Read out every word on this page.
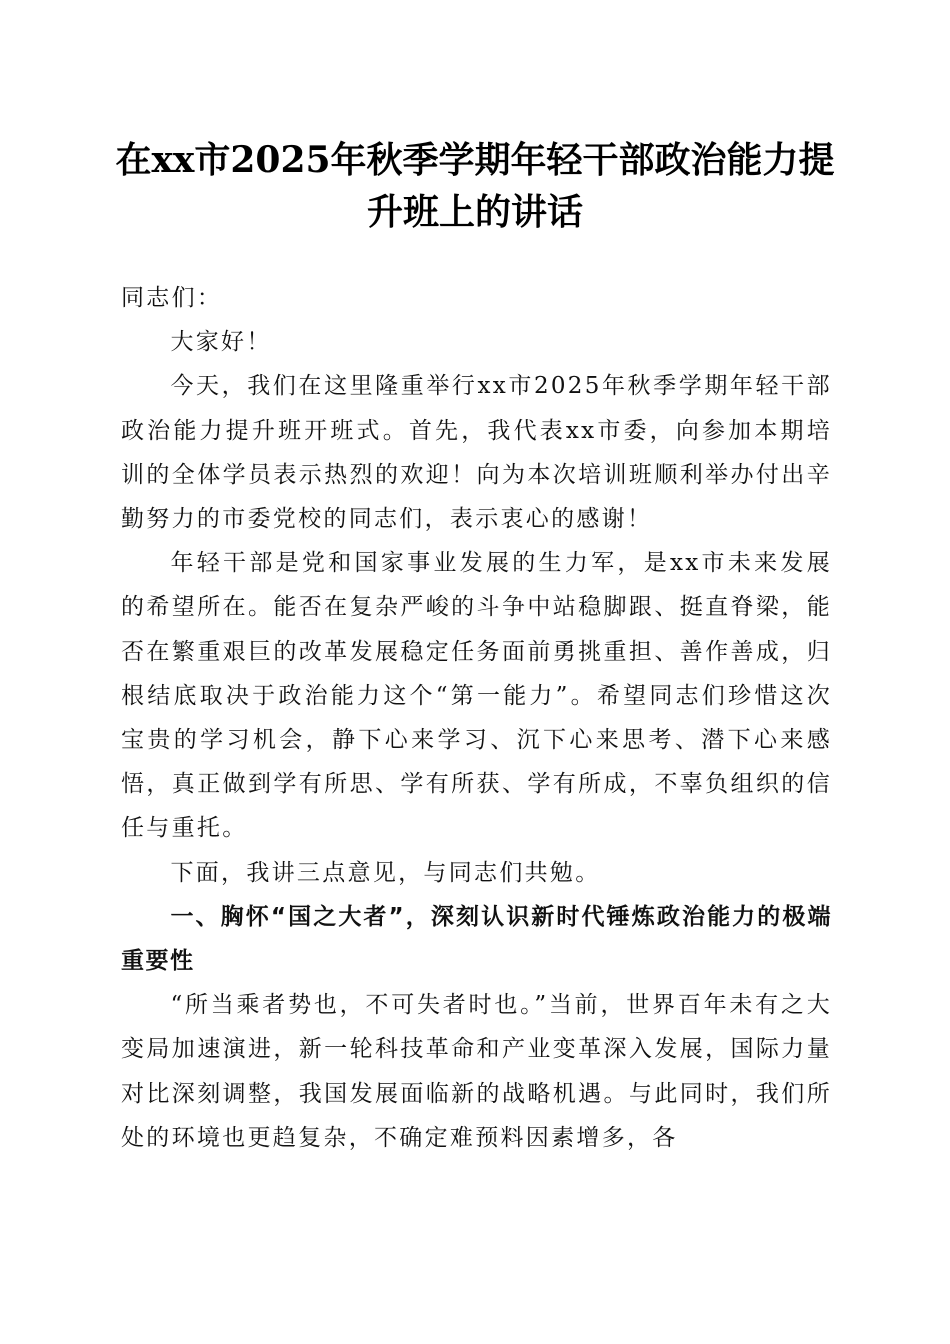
在xx市2025年秋季学期年轻干部政治能力提升班上的讲话

同志们：

大家好！

今天，我们在这里隆重举行xx市2025年秋季学期年轻干部政治能力提升班开班式。首先，我代表xx市委，向参加本期培训的全体学员表示热烈的欢迎！向为本次培训班顺利举办付出辛勤努力的市委党校的同志们，表示衷心的感谢！

年轻干部是党和国家事业发展的生力军，是xx市未来发展的希望所在。能否在复杂严峻的斗争中站稳脚跟、挺直脊梁，能否在繁重艰巨的改革发展稳定任务面前勇挑重担、善作善成，归根结底取决于政治能力这个“第一能力”。希望同志们珍惜这次宝贵的学习机会，静下心来学习、沉下心来思考、潜下心来感悟，真正做到学有所思、学有所获、学有所成，不辜负组织的信任与重托。

下面，我讲三点意见，与同志们共勉。

一、胸怀“国之大者”，深刻认识新时代锤炼政治能力的极端重要性

“所当乘者势也，不可失者时也。”当前，世界百年未有之大变局加速演进，新一轮科技革命和产业变革深入发展，国际力量对比深刻调整，我国发展面临新的战略机遇。与此同时，我们所处的环境也更趋复杂，不确定难预料因素增多，各
